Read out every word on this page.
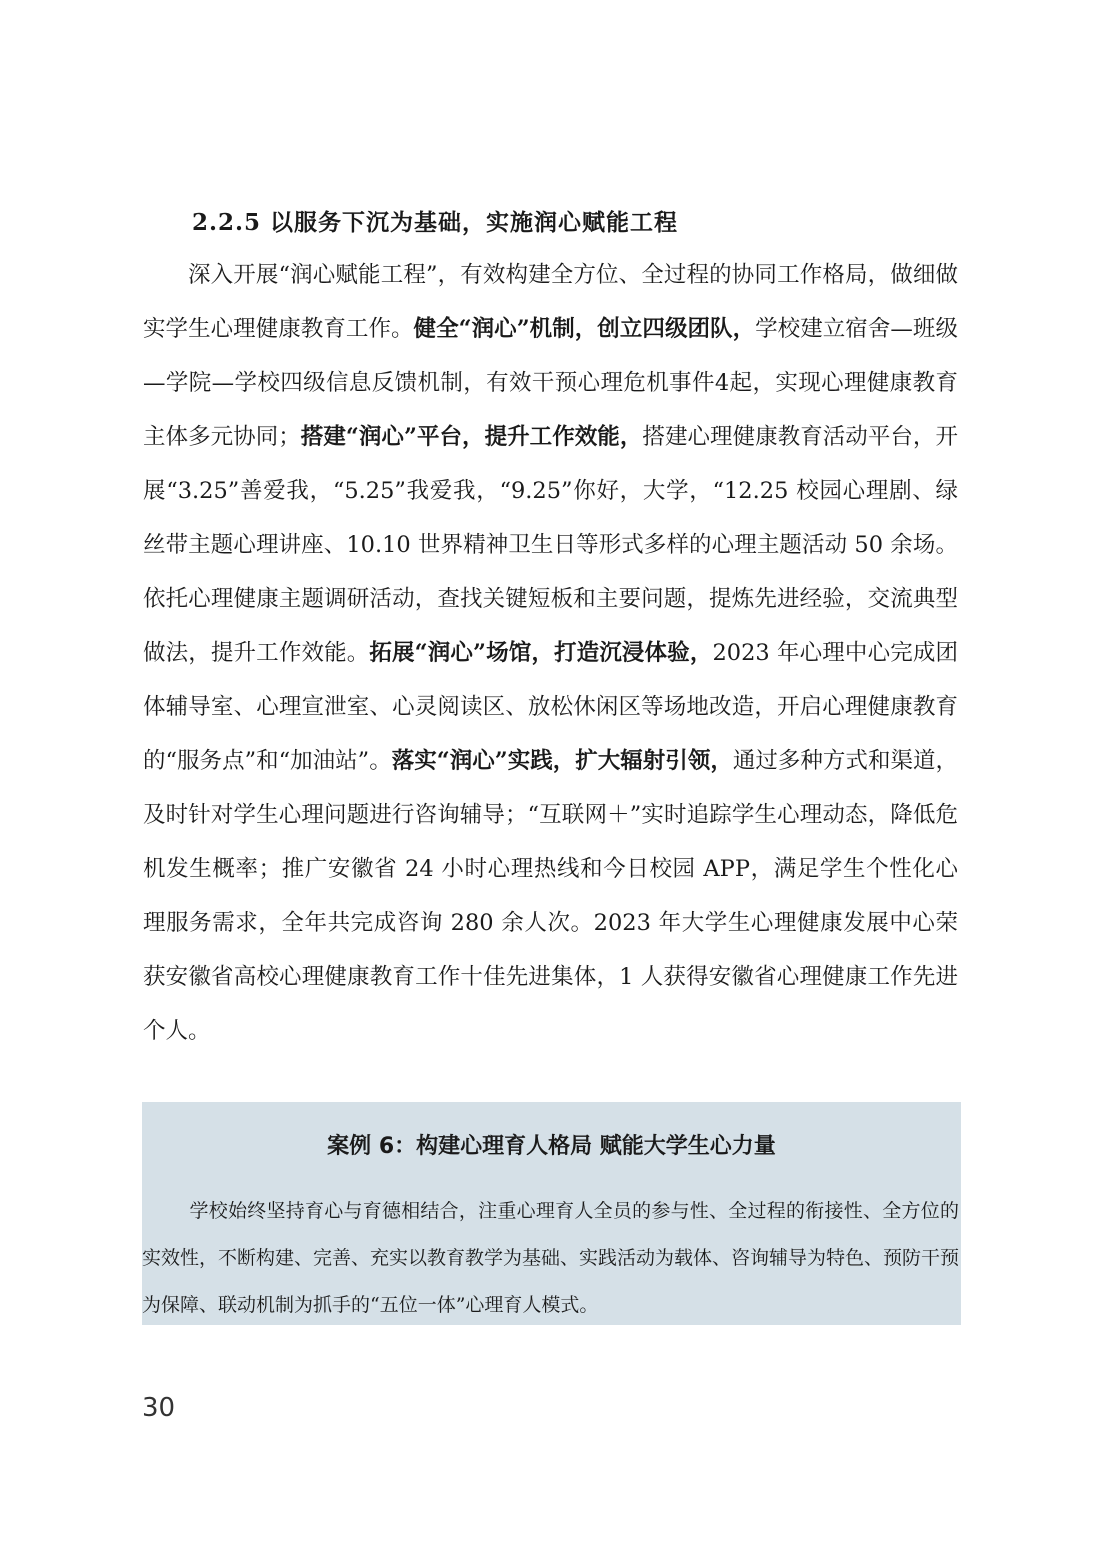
2.2.5 以服务下沉为基础，实施润心赋能工程
深入开展“润心赋能工程”，有效构建全方位、全过程的协同工作格局，做细做实学生心理健康教育工作。健全“润心”机制，创立四级团队，学校建立宿舍—班级—学院—学校四级信息反馈机制，有效干预心理危机事件4起，实现心理健康教育主体多元协同；搭建“润心”平台，提升工作效能，搭建心理健康教育活动平台，开展“3.25”善爱我，“5.25”我爱我，“9.25”你好，大学，“12.25 校园心理剧、绿丝带主题心理讲座、10.10 世界精神卫生日等形式多样的心理主题活动 50 余场。依托心理健康主题调研活动，查找关键短板和主要问题，提炼先进经验，交流典型做法，提升工作效能。拓展“润心”场馆，打造沉浸体验，2023 年心理中心完成团体辅导室、心理宣泄室、心灵阅读区、放松休闲区等场地改造，开启心理健康教育的“服务点”和“加油站”。落实“润心”实践，扩大辐射引领，通过多种方式和渠道，及时针对学生心理问题进行咨询辅导；“互联网＋”实时追踪学生心理动态，降低危机发生概率；推广安徽省 24 小时心理热线和今日校园 APP，满足学生个性化心理服务需求，全年共完成咨询 280 余人次。2023 年大学生心理健康发展中心荣获安徽省高校心理健康教育工作十佳先进集体，1 人获得安徽省心理健康工作先进个人。
案例 6：构建心理育人格局 赋能大学生心力量
学校始终坚持育心与育德相结合，注重心理育人全员的参与性、全过程的衔接性、全方位的实效性，不断构建、完善、充实以教育教学为基础、实践活动为载体、咨询辅导为特色、预防干预为保障、联动机制为抓手的“五位一体”心理育人模式。
30
